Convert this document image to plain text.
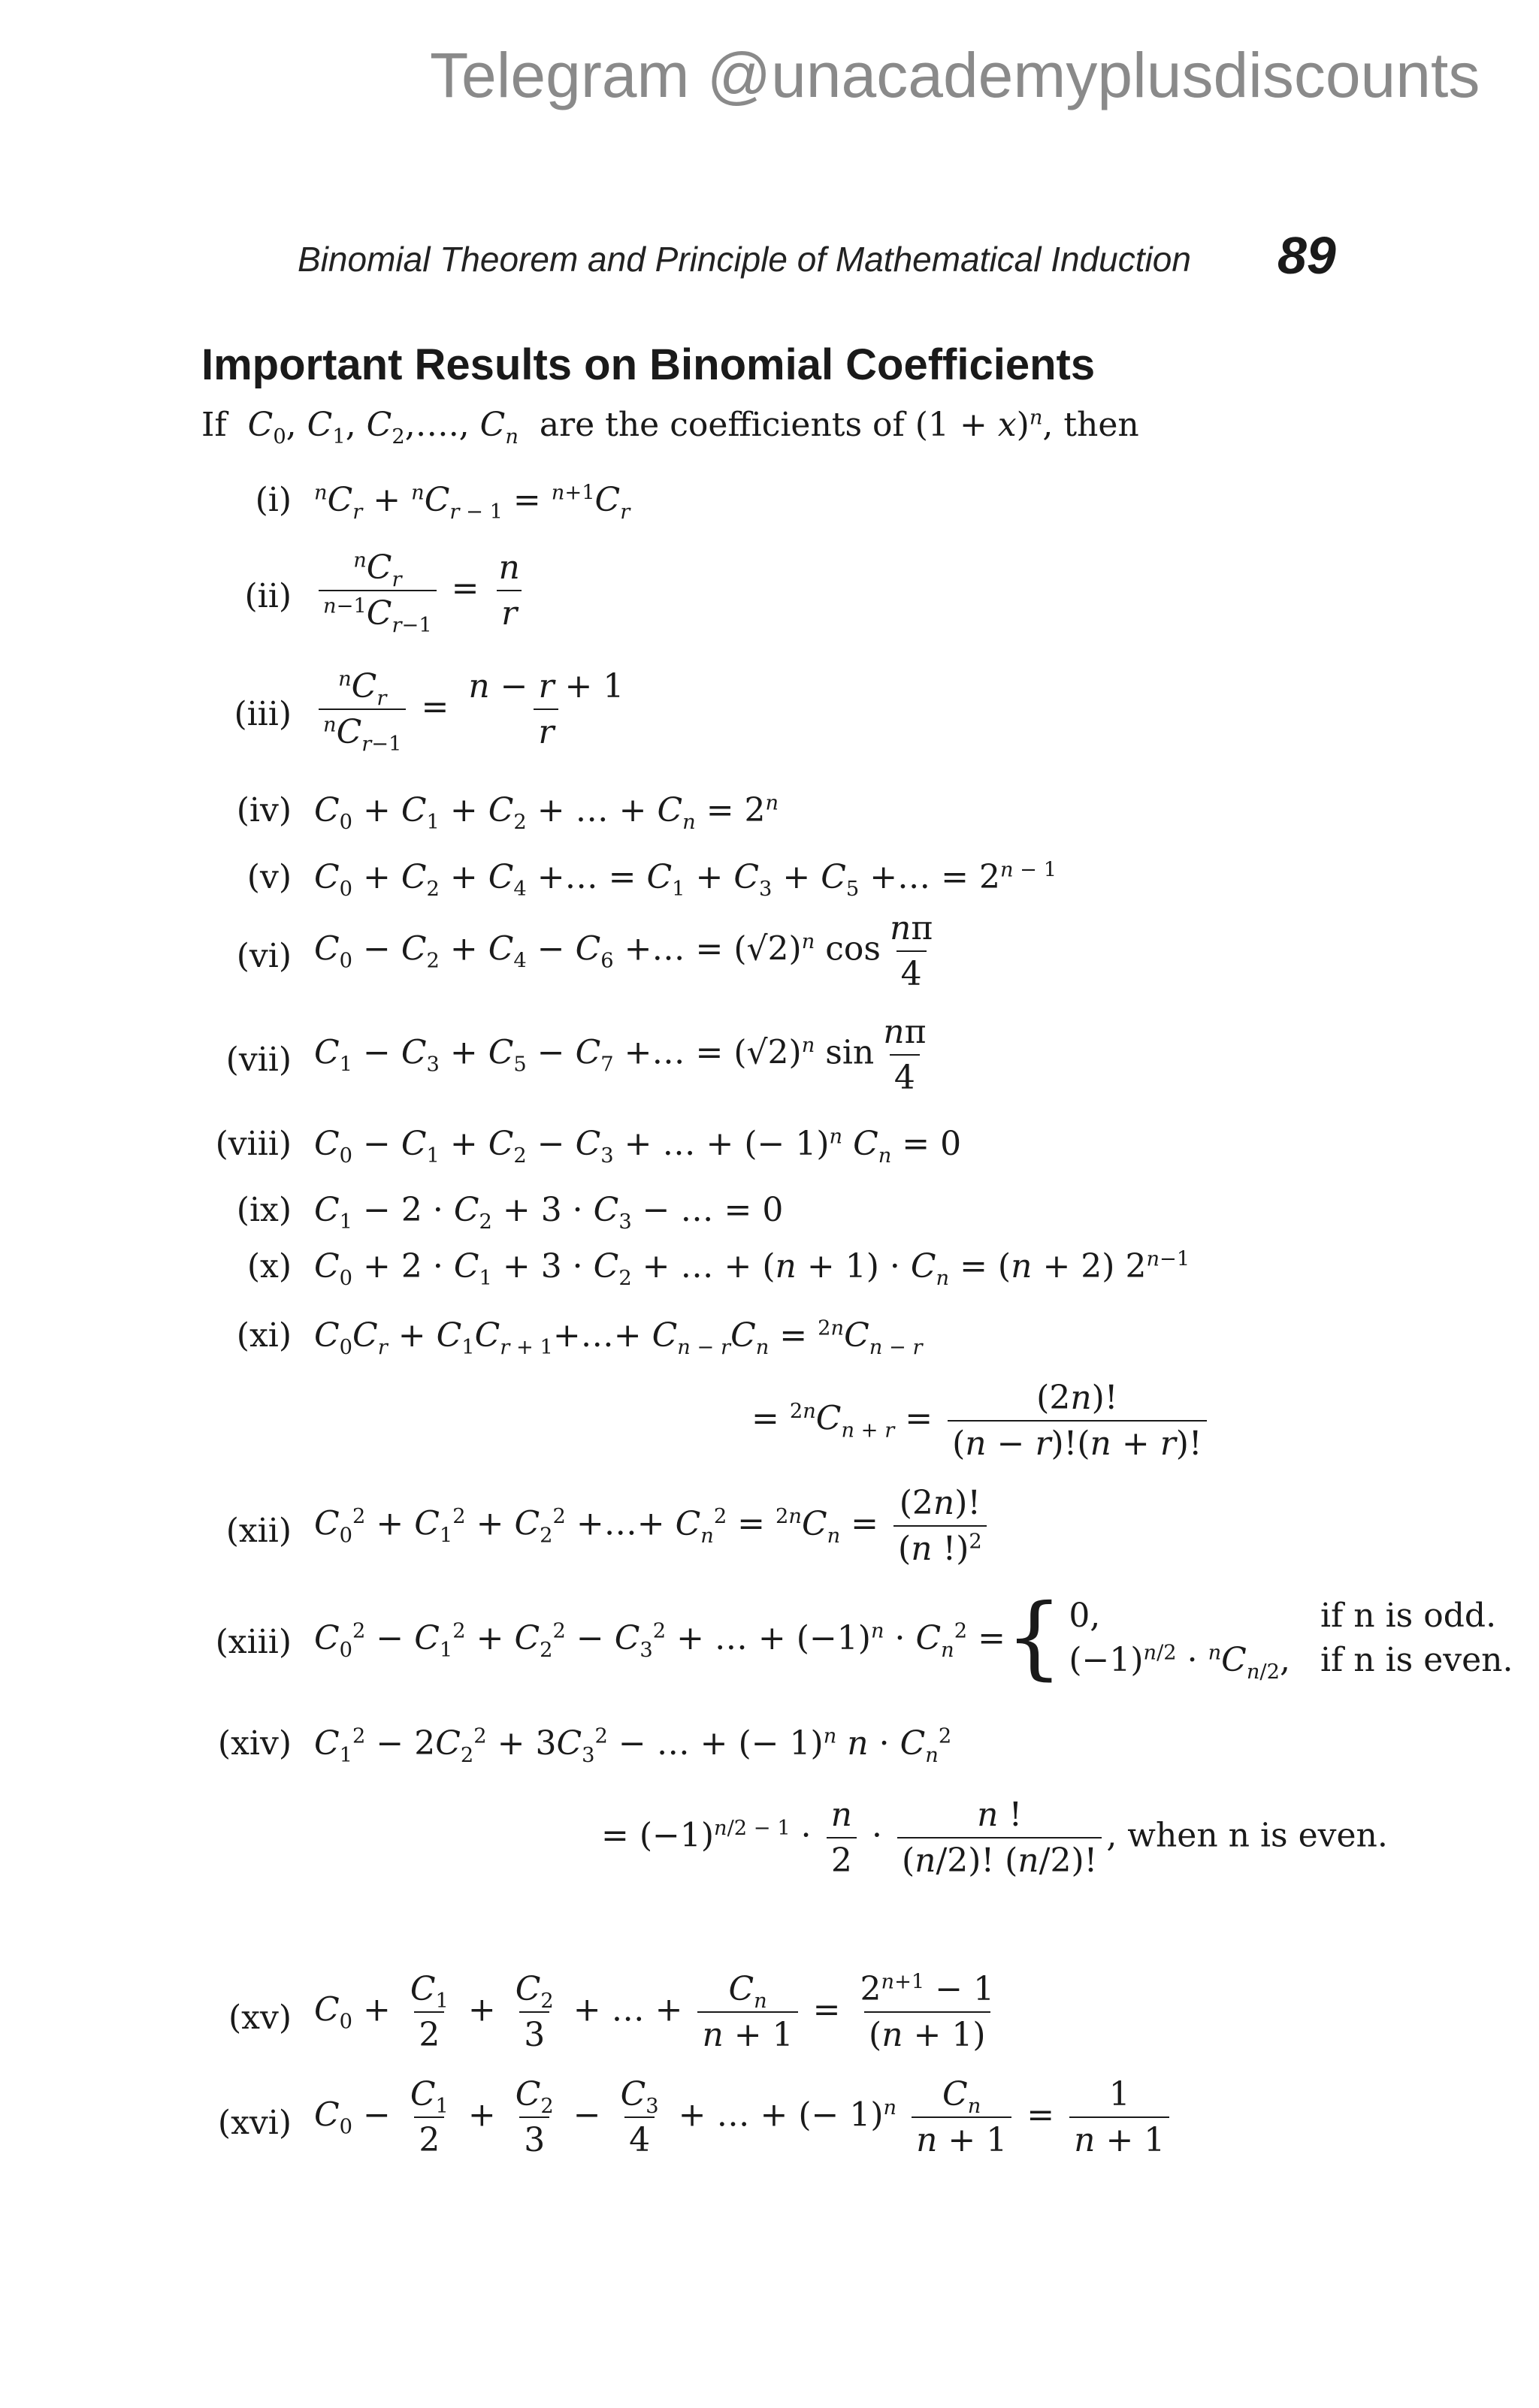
Telegram @unacademyplusdiscounts
Binomial Theorem and Principle of Mathematical Induction 89
Important Results on Binomial Coefficients
If  $C_0$, $C_1$, $C_2,\dots$., $C_n$  are the coefficients of $(1 + x)^n$, then
(i) $^nC_r + ^nC_{r - 1} = ^{n+1}C_r$
$(ii) \frac{^nC_r}{^{n-1}C_{r-1}} = \frac{n}{r}$
$(iii) \frac{^nC_r}{^nC_{r-1}} = \frac{n - r + 1}{r}$
(iv) $C_0 + C_1 + C_2$ + … + $C_n = 2^n$
(v) $C_0 + C_2 + C_4$ +… = $C_1 + C_3 + C_5$ +… = $2^{n - 1}$
(vi) $C_0 - C_2 + C_4 - C_6$ +… = $(√2)^n$ $\cos \frac{n\pi}{4}$
(vii) $C_1 - C_3 + C_5 - C_7$ +… = $(√2)^n$ $\sin \frac{n\pi}{4}$
(viii) $C_0 - C_1 + C_2 - C_3$ + … + (− 1)$^n$ $C_n = 0$
(ix) $C_1 - 2 \cdot C_2 + 3 \cdot C_3$ − … = 0
(x) $C_0 + 2 \cdot C_1 + 3 \cdot C_2$ + … + $(n + 1) \cdot C_n = (n + 2)$ $2^{n-1}$
(xi) $C_0C_r$ + $C_1C_{r + 1}+\dots+ C_{n - r}C_n = ^{2n}C_{n - r}$
= $^{2n}C_{n + r} = \frac{(2n)!}{(n - r)!(n + r)!}$
(xii) $C_0^2 + C_1^2 + C_2^2$ +…+ $C_n^2 = ^{2n}C_n = \frac{(2n)!}{(n !)^2}$
(xiii) $C_0^2 - C_1^2 + C_2^2 - C_3^2$ + … + $(-1)^n \cdot C_n^2$ = { 0,	if n is odd.
$(-1)^{n/2} \cdot ^nC_{n/2}$, if n is even.
(xiv) $C_1^2 - 2C_2^2 + 3C_3^2$ − … + (− 1)$^n$ $n \cdot C_n^2$
= $(-1)^{n/2 - 1} \cdot \frac{n}{2} \cdot \frac{n !}{(n/2)! (n/2)!}$ , when n is even.
(xv) $C_0 + \frac{C_1}{2} + \frac{C_2}{3}$ + … + $\frac{C_n}{n + 1} = \frac{2^{n+1} - 1}{(n + 1)}$
(xvi) $C_0 - \frac{C_1}{2} + \frac{C_2}{3} - \frac{C_3}{4}$ + … + (− $1)^n \frac{C_n}{n + 1} = \frac{1}{n + 1}$
